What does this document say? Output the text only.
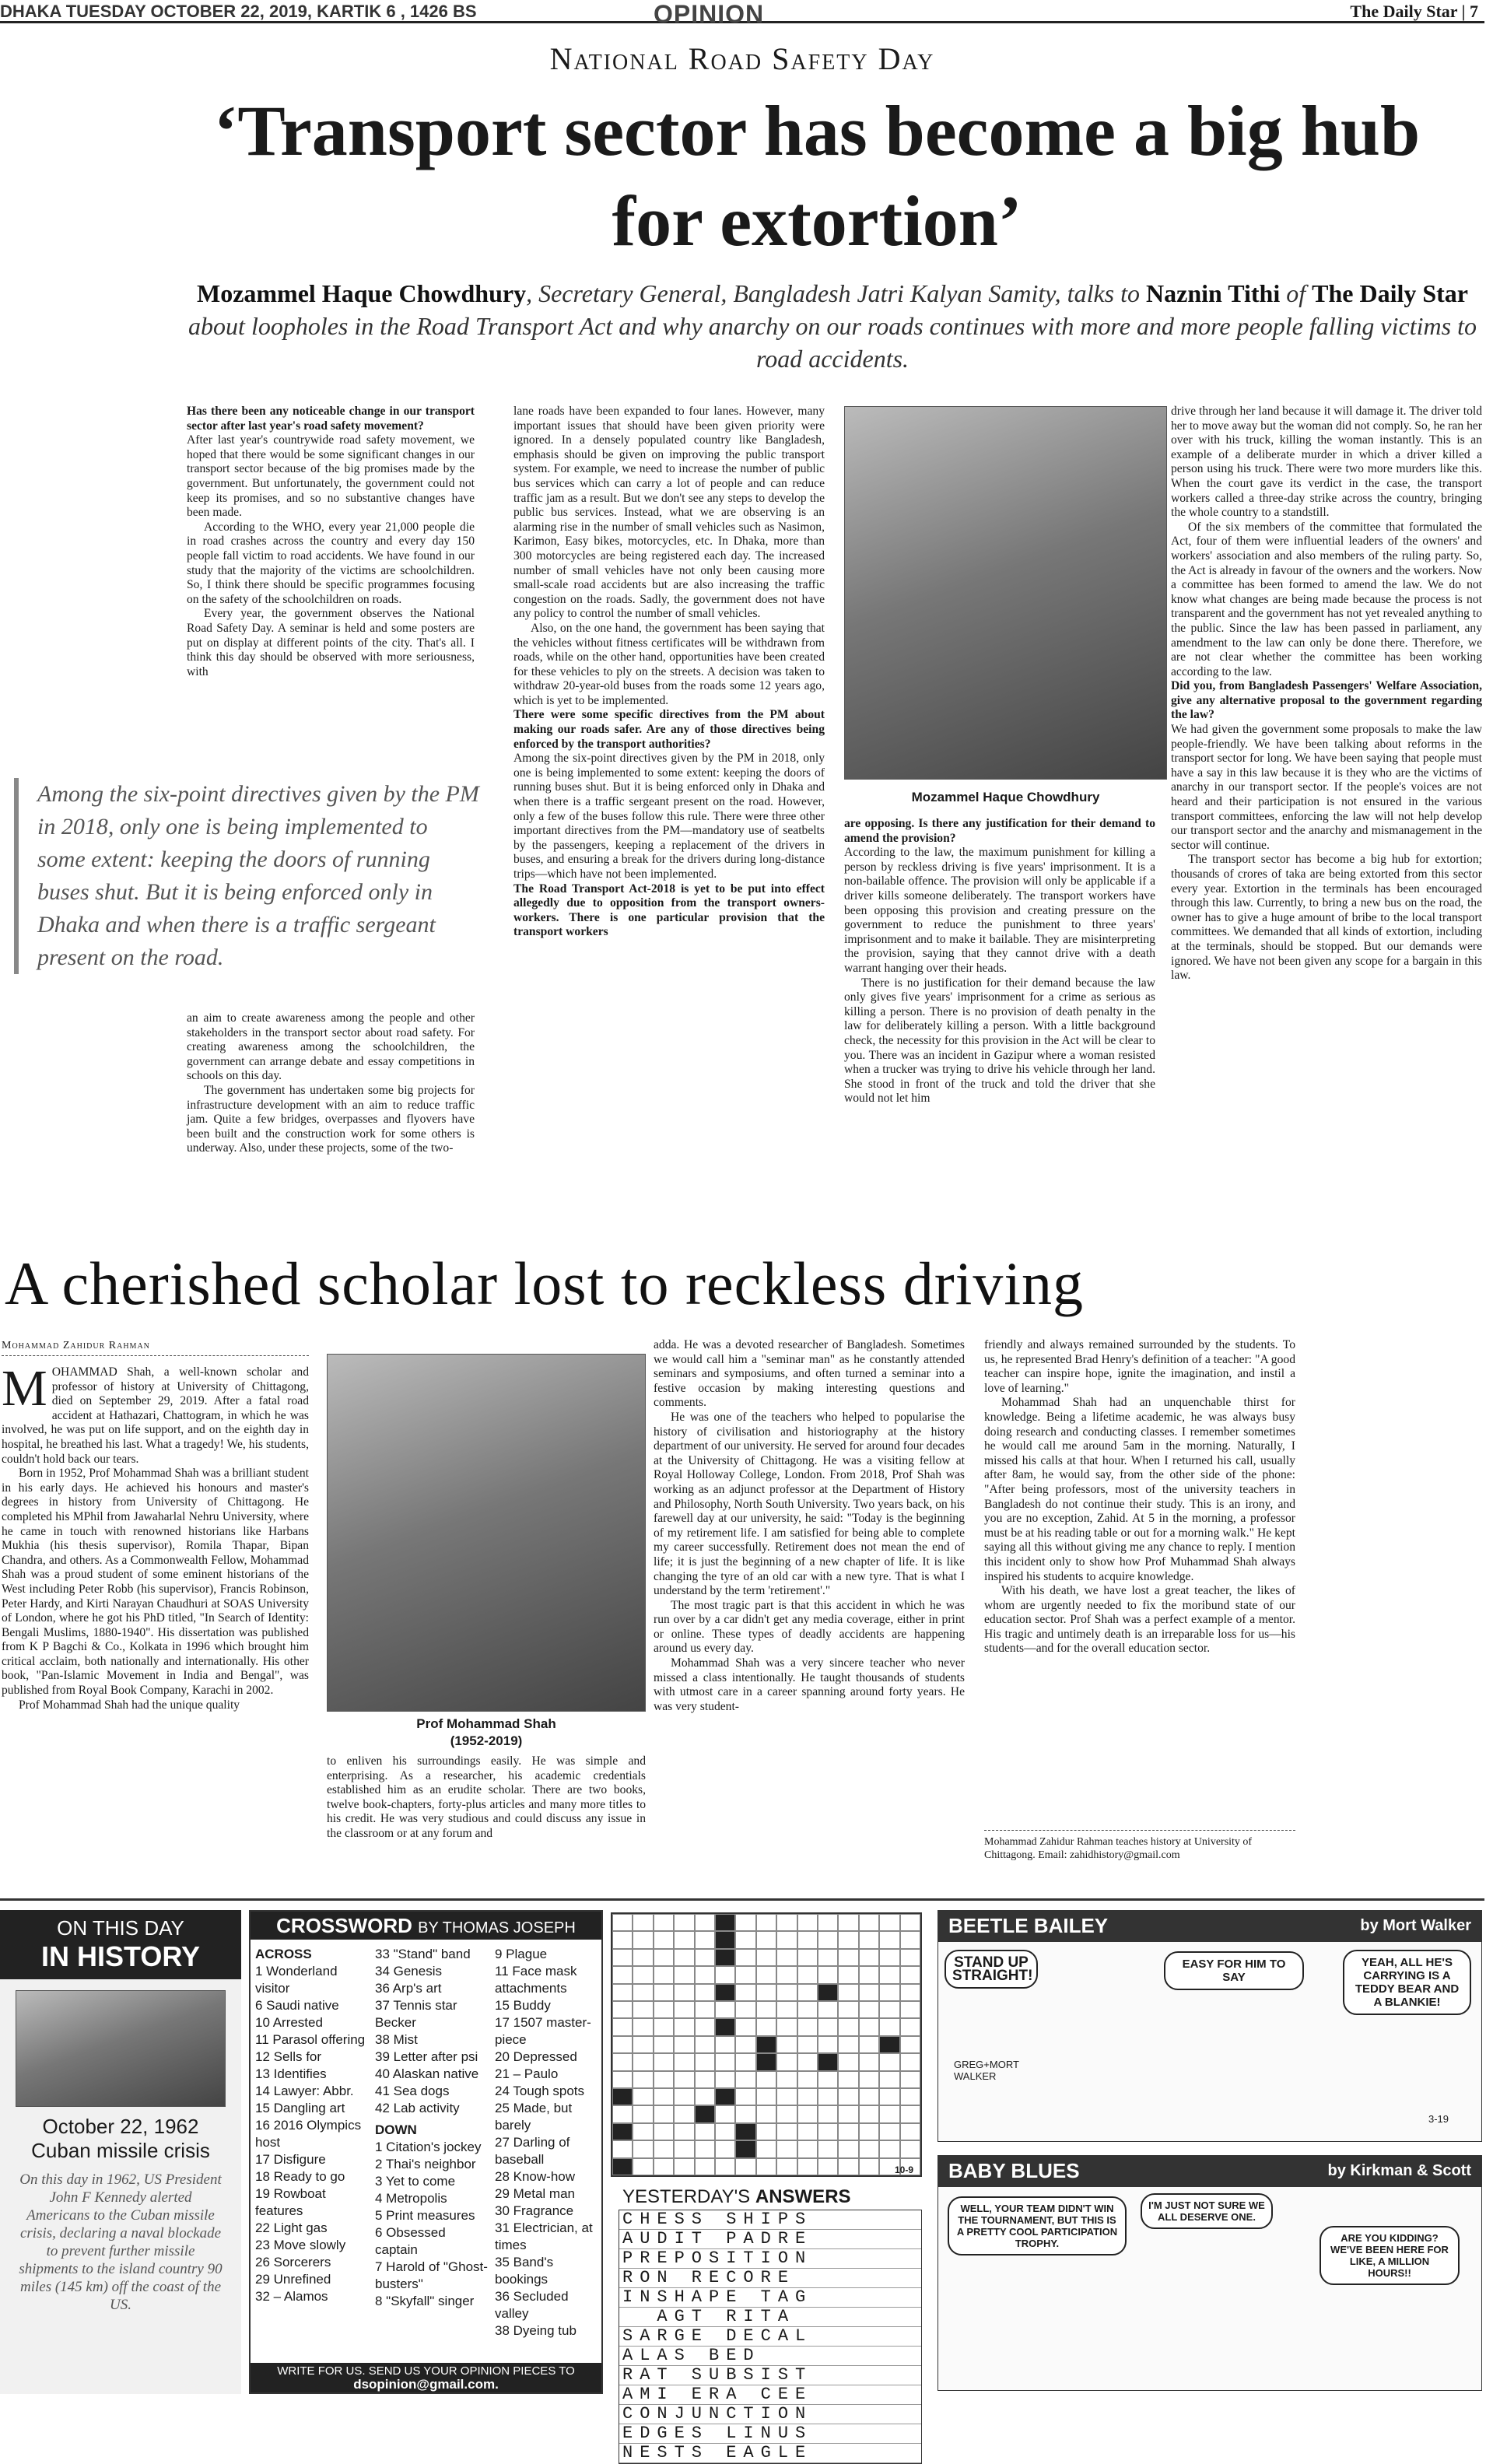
DHAKA TUESDAY OCTOBER 22, 2019, KARTIK 6 , 1426 BS	OPINION	The Daily Star | 7
National Road Safety Day
‘Transport sector has become a big hub for extortion’
Mozammel Haque Chowdhury, Secretary General, Bangladesh Jatri Kalyan Samity, talks to Naznin Tithi of The Daily Star about loopholes in the Road Transport Act and why anarchy on our roads continues with more and more people falling victims to road accidents.

Has there been any noticeable change in our transport sector after last year's road safety movement?

After last year's countrywide road safety movement, we hoped that there would be some significant changes in our transport sector because of the big promises made by the government. But unfortunately, the government could not keep its promises, and so no substantive changes have been made.

According to the WHO, every year 21,000 people die in road crashes across the country and every day 150 people fall victim to road accidents. We have found in our study that the majority of the victims are schoolchildren. So, I think there should be specific programmes focusing on the safety of the schoolchildren on roads.

Every year, the government observes the National Road Safety Day. A seminar is held and some posters are put on display at different points of the city. That's all. I think this day should be observed with more seriousness, with

Among the six-point directives given by the PM in 2018, only one is being implemented to some extent: keeping the doors of running buses shut. But it is being enforced only in Dhaka and when there is a traffic sergeant present on the road.

an aim to create awareness among the people and other stakeholders in the transport sector about road safety. For creating awareness among the schoolchildren, the government can arrange debate and essay competitions in schools on this day.

The government has undertaken some big projects for infrastructure development with an aim to reduce traffic jam. Quite a few bridges, overpasses and flyovers have been built and the construction work for some others is underway. Also, under these projects, some of the two-

lane roads have been expanded to four lanes. However, many important issues that should have been given priority were ignored. In a densely populated country like Bangladesh, emphasis should be given on improving the public transport system. For example, we need to increase the number of public bus services which can carry a lot of people and can reduce traffic jam as a result. But we don't see any steps to develop the public bus services. Instead, what we are observing is an alarming rise in the number of small vehicles such as Nasimon, Karimon, Easy bikes, motorcycles, etc. In Dhaka, more than 300 motorcycles are being registered each day. The increased number of small vehicles have not only been causing more small-scale road accidents but are also increasing the traffic congestion on the roads. Sadly, the government does not have any policy to control the number of small vehicles.

Also, on the one hand, the government has been saying that the vehicles without fitness certificates will be withdrawn from roads, while on the other hand, opportunities have been created for these vehicles to ply on the streets. A decision was taken to withdraw 20-year-old buses from the roads some 12 years ago, which is yet to be implemented.

There were some specific directives from the PM about making our roads safer. Are any of those directives being enforced by the transport authorities?

Among the six-point directives given by the PM in 2018, only one is being implemented to some extent: keeping the doors of running buses shut. But it is being enforced only in Dhaka and when there is a traffic sergeant present on the road. However, only a few of the buses follow this rule. There were three other important directives from the PM—mandatory use of seatbelts by the passengers, keeping a replacement of the drivers in buses, and ensuring a break for the drivers during long-distance trips—which have not been implemented.

The Road Transport Act-2018 is yet to be put into effect allegedly due to opposition from the transport owners-workers. There is one particular provision that the transport workers

Mozammel Haque Chowdhury

are opposing. Is there any justification for their demand to amend the provision?

According to the law, the maximum punishment for killing a person by reckless driving is five years' imprisonment. It is a non-bailable offence. The provision will only be applicable if a driver kills someone deliberately. The transport workers have been opposing this provision and creating pressure on the government to reduce the punishment to three years' imprisonment and to make it bailable. They are misinterpreting the provision, saying that they cannot drive with a death warrant hanging over their heads.

There is no justification for their demand because the law only gives five years' imprisonment for a crime as serious as killing a person. There is no provision of death penalty in the law for deliberately killing a person. With a little background check, the necessity for this provision in the Act will be clear to you. There was an incident in Gazipur where a woman resisted when a trucker was trying to drive his vehicle through her land. She stood in front of the truck and told the driver that she would not let him

drive through her land because it will damage it. The driver told her to move away but the woman did not comply. So, he ran her over with his truck, killing the woman instantly. This is an example of a deliberate murder in which a driver killed a person using his truck. There were two more murders like this. When the court gave its verdict in the case, the transport workers called a three-day strike across the country, bringing the whole country to a standstill.

Of the six members of the committee that formulated the Act, four of them were influential leaders of the owners' and workers' association and also members of the ruling party. So, the Act is already in favour of the owners and the workers. Now a committee has been formed to amend the law. We do not know what changes are being made because the process is not transparent and the government has not yet revealed anything to the public. Since the law has been passed in parliament, any amendment to the law can only be done there. Therefore, we are not clear whether the committee has been working according to the law.

Did you, from Bangladesh Passengers' Welfare Association, give any alternative proposal to the government regarding the law?

We had given the government some proposals to make the law people-friendly. We have been talking about reforms in the transport sector for long. We have been saying that people must have a say in this law because it is they who are the victims of anarchy in our transport sector. If the people's voices are not heard and their participation is not ensured in the various transport committees, enforcing the law will not help develop our transport sector and the anarchy and mismanagement in the sector will continue.

The transport sector has become a big hub for extortion; thousands of crores of taka are being extorted from this sector every year. Extortion in the terminals has been encouraged through this law. Currently, to bring a new bus on the road, the owner has to give a huge amount of bribe to the local transport committees. We demanded that all kinds of extortion, including at the terminals, should be stopped. But our demands were ignored. We have not been given any scope for a bargain in this law.

A cherished scholar lost to reckless driving
Mohammad Zahidur Rahman

MOHAMMAD Shah, a well-known scholar and professor of history at University of Chittagong, died on September 29, 2019. After a fatal road accident at Hathazari, Chattogram, in which he was involved, he was put on life support, and on the eighth day in hospital, he breathed his last. What a tragedy! We, his students, couldn't hold back our tears.

Born in 1952, Prof Mohammad Shah was a brilliant student in his early days. He achieved his honours and master's degrees in history from University of Chittagong. He completed his MPhil from Jawaharlal Nehru University, where he came in touch with renowned historians like Harbans Mukhia (his thesis supervisor), Romila Thapar, Bipan Chandra, and others. As a Commonwealth Fellow, Mohammad Shah was a proud student of some eminent historians of the West including Peter Robb (his supervisor), Francis Robinson, Peter Hardy, and Kirti Narayan Chaudhuri at SOAS University of London, where he got his PhD titled, "In Search of Identity: Bengali Muslims, 1880-1940". His dissertation was published from K P Bagchi & Co., Kolkata in 1996 which brought him critical acclaim, both nationally and internationally. His other book, "Pan-Islamic Movement in India and Bengal", was published from Royal Book Company, Karachi in 2002.

Prof Mohammad Shah had the unique quality

Prof Mohammad Shah
(1952-2019)

to enliven his surroundings easily. He was simple and enterprising. As a researcher, his academic credentials established him as an erudite scholar. There are two books, twelve book-chapters, forty-plus articles and many more titles to his credit. He was very studious and could discuss any issue in the classroom or at any forum and

adda. He was a devoted researcher of Bangladesh. Sometimes we would call him a "seminar man" as he constantly attended seminars and symposiums, and often turned a seminar into a festive occasion by making interesting questions and comments.

He was one of the teachers who helped to popularise the history of civilisation and historiography at the history department of our university. He served for around four decades at the University of Chittagong. He was a visiting fellow at Royal Holloway College, London. From 2018, Prof Shah was working as an adjunct professor at the Department of History and Philosophy, North South University. Two years back, on his farewell day at our university, he said: "Today is the beginning of my retirement life. I am satisfied for being able to complete my career successfully. Retirement does not mean the end of life; it is just the beginning of a new chapter of life. It is like changing the tyre of an old car with a new tyre. That is what I understand by the term 'retirement'."

The most tragic part is that this accident in which he was run over by a car didn't get any media coverage, either in print or online. These types of deadly accidents are happening around us every day.

Mohammad Shah was a very sincere teacher who never missed a class intentionally. He taught thousands of students with utmost care in a career spanning around forty years. He was very student-

friendly and always remained surrounded by the students. To us, he represented Brad Henry's definition of a teacher: "A good teacher can inspire hope, ignite the imagination, and instil a love of learning."

Mohammad Shah had an unquenchable thirst for knowledge. Being a lifetime academic, he was always busy doing research and conducting classes. I remember sometimes he would call me around 5am in the morning. Naturally, I missed his calls at that hour. When I returned his call, usually after 8am, he would say, from the other side of the phone: "After being professors, most of the university teachers in Bangladesh do not continue their study. This is an irony, and you are no exception, Zahid. At 5 in the morning, a professor must be at his reading table or out for a morning walk." He kept saying all this without giving me any chance to reply. I mention this incident only to show how Prof Muhammad Shah always inspired his students to acquire knowledge.

With his death, we have lost a great teacher, the likes of whom are urgently needed to fix the moribund state of our education sector. Prof Shah was a perfect example of a mentor. His tragic and untimely death is an irreparable loss for us—his students—and for the overall education sector.

Mohammad Zahidur Rahman teaches history at University of Chittagong. Email: zahidhistory@gmail.com
ON THIS DAY
IN HISTORY
October 22, 1962
Cuban missile crisis
On this day in 1962, US President John F Kennedy alerted Americans to the Cuban missile crisis, declaring a naval blockade to prevent further missile shipments to the island country 90 miles (145 km) off the coast of the US.
CROSSWORD BY THOMAS JOSEPH
ACROSS
1 Wonderland visitor
6 Saudi native
10 Arrested
11 Parasol offering
12 Sells for
13 Identifies
14 Lawyer: Abbr.
15 Dangling art
16 2016 Olympics host
17 Disfigure
18 Ready to go
19 Rowboat features
22 Light gas
23 Move slowly
26 Sorcerers
29 Unrefined
32 – Alamos
33 "Stand" band
34 Genesis
36 Arp's art
37 Tennis star Becker
38 Mist
39 Letter after psi
40 Alaskan native
41 Sea dogs
42 Lab activity
DOWN
1 Citation's jockey
2 Thai's neighbor
3 Yet to come
4 Metropolis
5 Print measures
6 Obsessed captain
7 Harold of "Ghost-busters"
8 "Skyfall" singer
9 Plague
11 Face mask attachments
15 Buddy
17 1507 master-piece
20 Depressed
21 – Paulo
24 Tough spots
25 Made, but barely
27 Darling of baseball
28 Know-how
29 Metal man
30 Fragrance
31 Electrician, at times
35 Band's bookings
36 Secluded valley
38 Dyeing tub
WRITE FOR US. SEND US YOUR OPINION PIECES TO
dsopinion@gmail.com.
10-9
YESTERDAY'S ANSWERS
CHESS SHIPS
AUDIT PADRE
PREPOSITION
RON RECORE
INSHAPE TAG
AGT RITA
SARGE DECAL
ALAS BED
RAT SUBSIST
AMI ERA CEE
CONJUNCTION
EDGES LINUS
NESTS EAGLE
BEETLE BAILEY	by Mort Walker
STAND UP STRAIGHT!
EASY FOR HIM TO SAY
YEAH, ALL HE'S CARRYING IS A TEDDY BEAR AND A BLANKIE!
GREG+MORT WALKER
3-19
BABY BLUES	by Kirkman & Scott
WELL, YOUR TEAM DIDN'T WIN THE TOURNAMENT, BUT THIS IS A PRETTY COOL PARTICIPATION TROPHY.
I'M JUST NOT SURE WE ALL DESERVE ONE.
ARE YOU KIDDING? WE'VE BEEN HERE FOR LIKE, A MILLION HOURS!!
